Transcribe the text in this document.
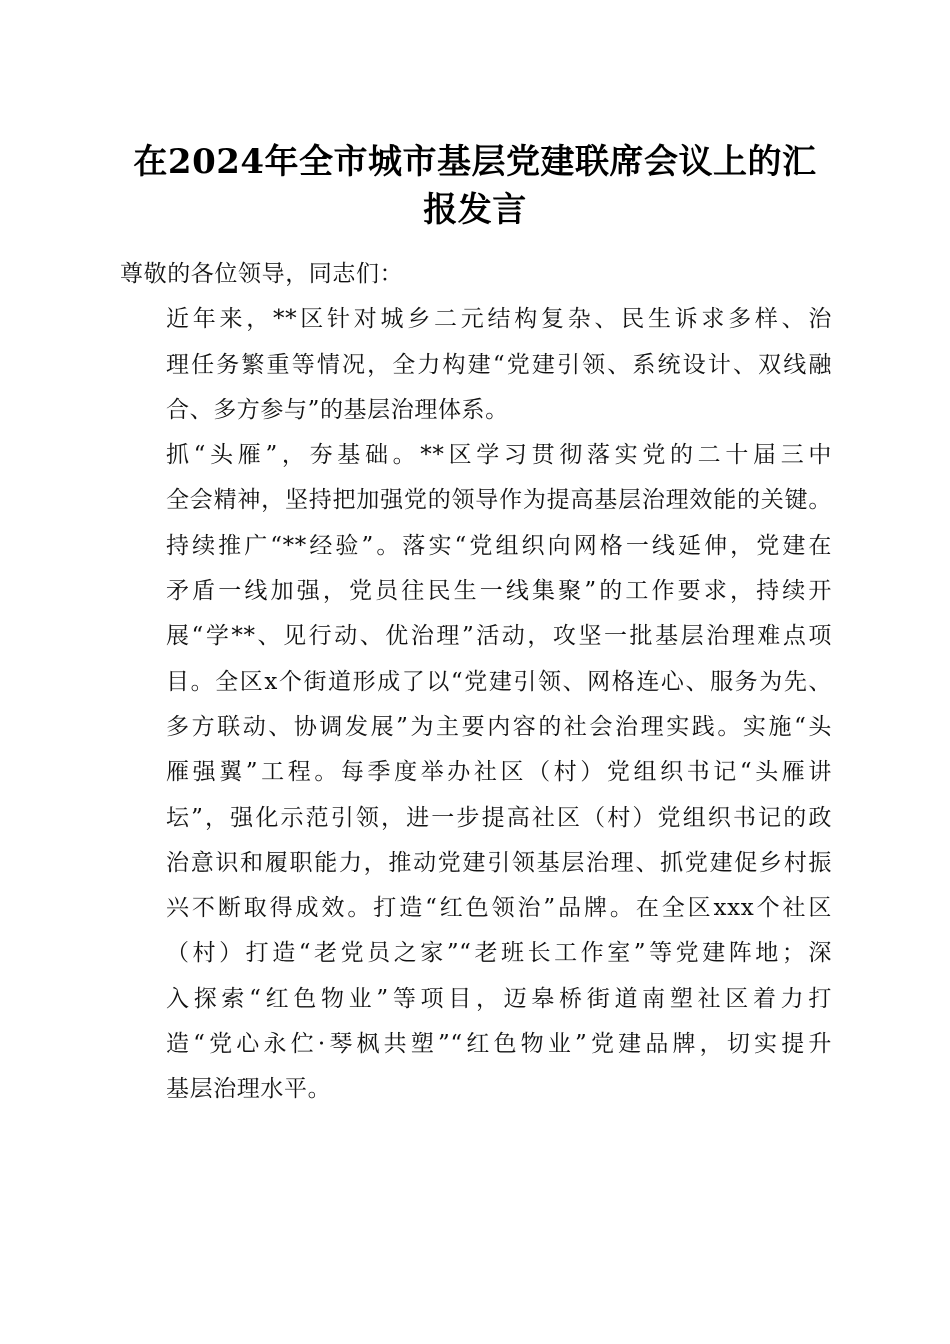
在2024年全市城市基层党建联席会议上的汇
报发言

尊敬的各位领导，同志们：

近年来，**区针对城乡二元结构复杂、民生诉求多样、治
理任务繁重等情况，全力构建“党建引领、系统设计、双线融
合、多方参与”的基层治理体系。

抓“头雁”，夯基础。**区学习贯彻落实党的二十届三中
全会精神，坚持把加强党的领导作为提高基层治理效能的关键。
持续推广“**经验”。落实“党组织向网格一线延伸，党建在
矛盾一线加强，党员往民生一线集聚”的工作要求，持续开
展“学**、见行动、优治理”活动，攻坚一批基层治理难点项
目。全区x个街道形成了以“党建引领、网格连心、服务为先、
多方联动、协调发展”为主要内容的社会治理实践。实施“头
雁强翼”工程。每季度举办社区（村）党组织书记“头雁讲
坛”，强化示范引领，进一步提高社区（村）党组织书记的政
治意识和履职能力，推动党建引领基层治理、抓党建促乡村振
兴不断取得成效。打造“红色领治”品牌。在全区xxx个社区
（村）打造“老党员之家”“老班长工作室”等党建阵地；深
入探索“红色物业”等项目，迈皋桥街道南塑社区着力打
造“党心永伫·琴枫共塑”“红色物业”党建品牌，切实提升
基层治理水平。
